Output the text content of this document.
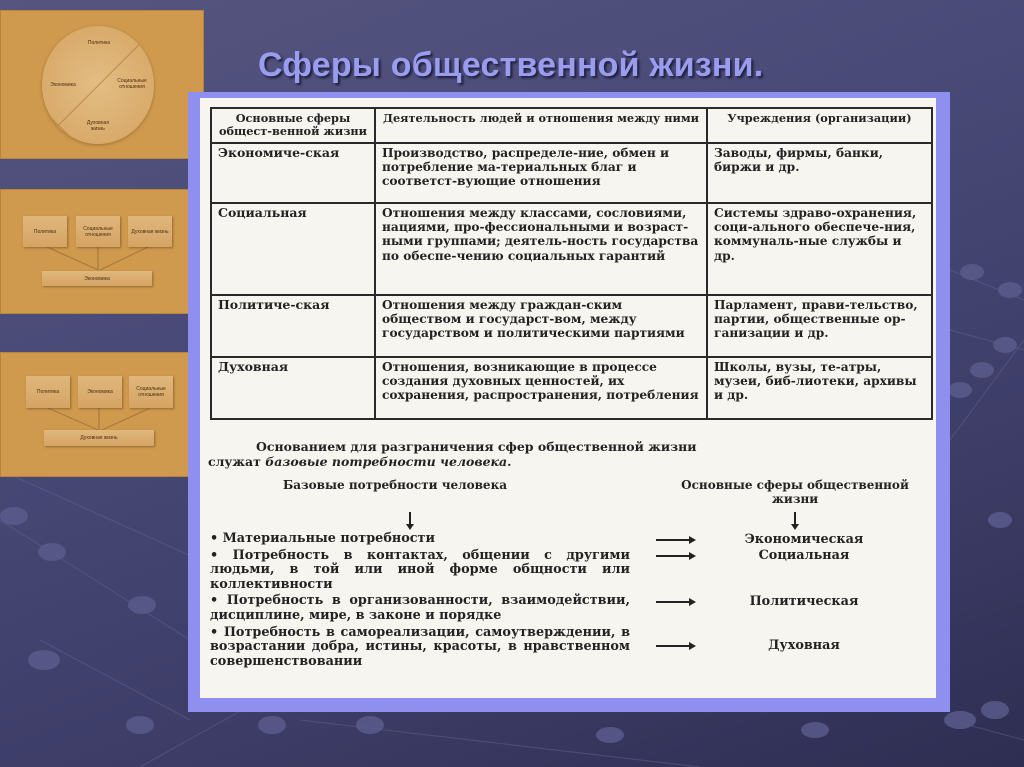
Сферы общественной жизни.
Политика
Социальные отношения
Духовная жизнь
Экономика
Политика	Социальные отношения	Духовная жизнь
Экономика
Политика	Экономика	Социальные отношения
Духовная жизнь
Основные сферы общест-венной жизни	Деятельность людей и отношения между ними	Учреждения (организации)
Экономиче-ская	Производство, распределе-ние, обмен и потребление ма-териальных благ и соответст-вующие отношения	Заводы, фирмы, банки, биржи и др.
Социальная	Отношения между классами, сословиями, нациями, про-фессиональными и возраст-ными группами; деятель-ность государства по обеспе-чению социальных гарантий	Системы здраво-охранения, соци-ального обеспече-ния, коммуналь-ные службы и др.
Политиче-ская	Отношения между граждан-ским обществом и государст-вом, между государством и политическими партиями	Парламент, прави-тельство, партии, общественные ор-ганизации и др.
Духовная	Отношения, возникающие в процессе создания духовных ценностей, их сохранения, распространения, потребления	Школы, вузы, те-атры, музеи, биб-лиотеки, архивы и др.
Основанием для разграничения сфер общественной жизни
служат базовые потребности человека.
Базовые потребности человека	Основные сферы общественной жизни
• Материальные потребности
• Потребность в контактах, общении с другими людьми, в той или иной форме общности или коллективности
• Потребность в организованности, взаимодействии, дисциплине, мире, в законе и порядке
• Потребность в самореализации, самоутверждении, в возрастании добра, истины, красоты, в нравственном совершенствовании
Экономическая
Социальная
Политическая
Духовная
